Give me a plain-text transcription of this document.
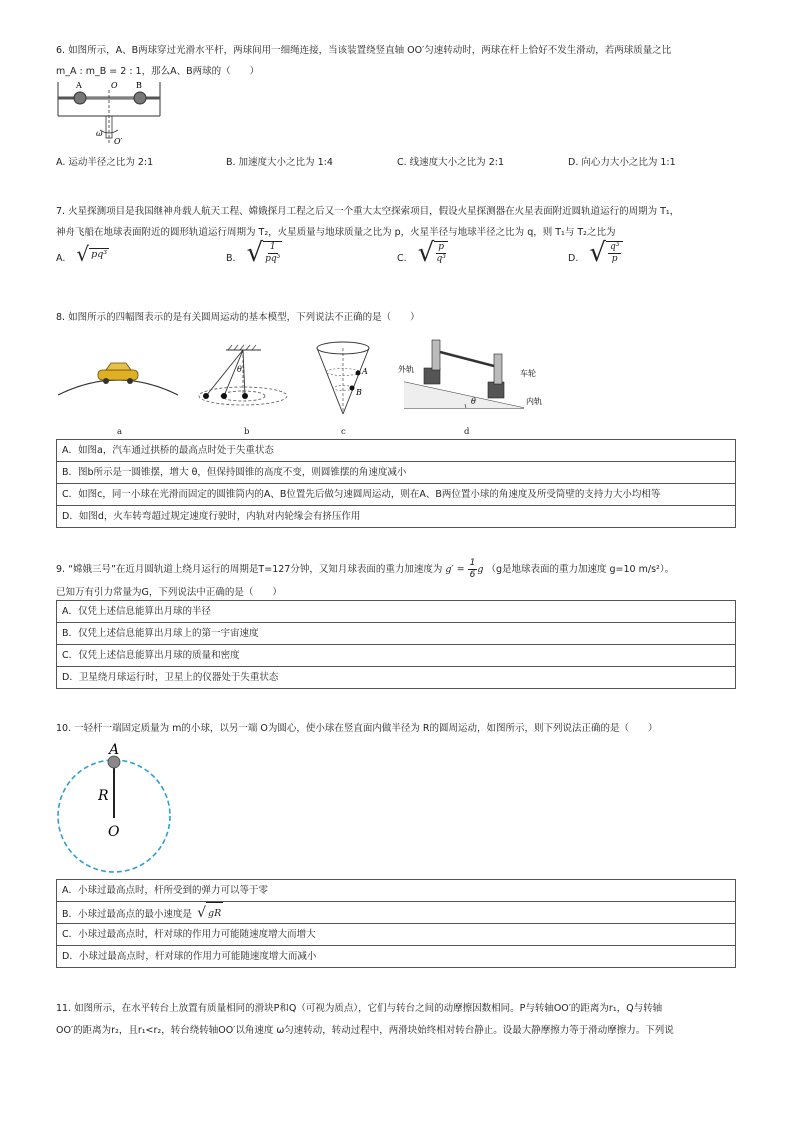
6. 如图所示，A、B两球穿过光滑水平杆，两球间用一细绳连接，当该装置绕竖直轴 OO′匀速转动时，两球在杆上恰好不发生滑动，若两球质量之比
m_A : m_B = 2 : 1，那么A、B两球的（　　）
A	O B
ω
O′
A. 运动半径之比为 2:1	B. 加速度大小之比为 1:4	C. 线速度大小之比为 2:1	D. 向心力大小之比为 1:1
7. 火星探测项目是我国继神舟载人航天工程、嫦娥探月工程之后又一个重大太空探索项目，假设火星探测器在火星表面附近圆轨道运行的周期为 T₁，
神舟飞船在地球表面附近的圆形轨道运行周期为 T₂，火星质量与地球质量之比为 p，火星半径与地球半径之比为 q，则 T₁与 T₂之比为
A. √ pq³	B. √ $\frac{1}{\text{pq³}}$	C. √ $\frac{p}{\text{q³}}$	D. √ $\frac{\text{q³}}{p}$
8. 如图所示的四幅图表示的是有关圆周运动的基本模型，下列说法不正确的是（　　）
a
θ
b
A
B
c
外轨	车轮
内轨
θ
d
A．如图a，汽车通过拱桥的最高点时处于失重状态
B．图b所示是一圆锥摆，增大 θ，但保持圆锥的高度不变，则圆锥摆的角速度减小
C．如图c，同一小球在光滑而固定的圆锥筒内的A、B位置先后做匀速圆周运动，则在A、B两位置小球的角速度及所受筒壁的支持力大小均相等
D．如图d，火车转弯超过规定速度行驶时，内轨对内轮缘会有挤压作用
9. “嫦娥三号”在近月圆轨道上绕月运行的周期是T=127分钟，又知月球表面的重力加速度为 $g' = \frac{1}{6}$ g （g是地球表面的重力加速度 g=10 m/s²）。
已知万有引力常量为G，下列说法中正确的是（　　）
A．仅凭上述信息能算出月球的半径
B．仅凭上述信息能算出月球上的第一宇宙速度
C．仅凭上述信息能算出月球的质量和密度
D．卫星绕月球运行时，卫星上的仪器处于失重状态
10. 一轻杆一端固定质量为 m的小球，以另一端 O为圆心，使小球在竖直面内做半径为 R的圆周运动，如图所示，则下列说法正确的是（　　）
A
R
O
A．小球过最高点时，杆所受到的弹力可以等于零
B．小球过最高点的最小速度是 √ gR
C．小球过最高点时，杆对球的作用力可能随速度增大而增大
D．小球过最高点时，杆对球的作用力可能随速度增大而减小
11. 如图所示，在水平转台上放置有质量相同的滑块P和Q（可视为质点），它们与转台之间的动摩擦因数相同。P与转轴OO′的距离为r₁，Q与转轴
OO′的距离为r₂，且r₁<r₂，转台绕转轴OO′以角速度 ω匀速转动，转动过程中，两滑块始终相对转台静止。设最大静摩擦力等于滑动摩擦力。下列说
